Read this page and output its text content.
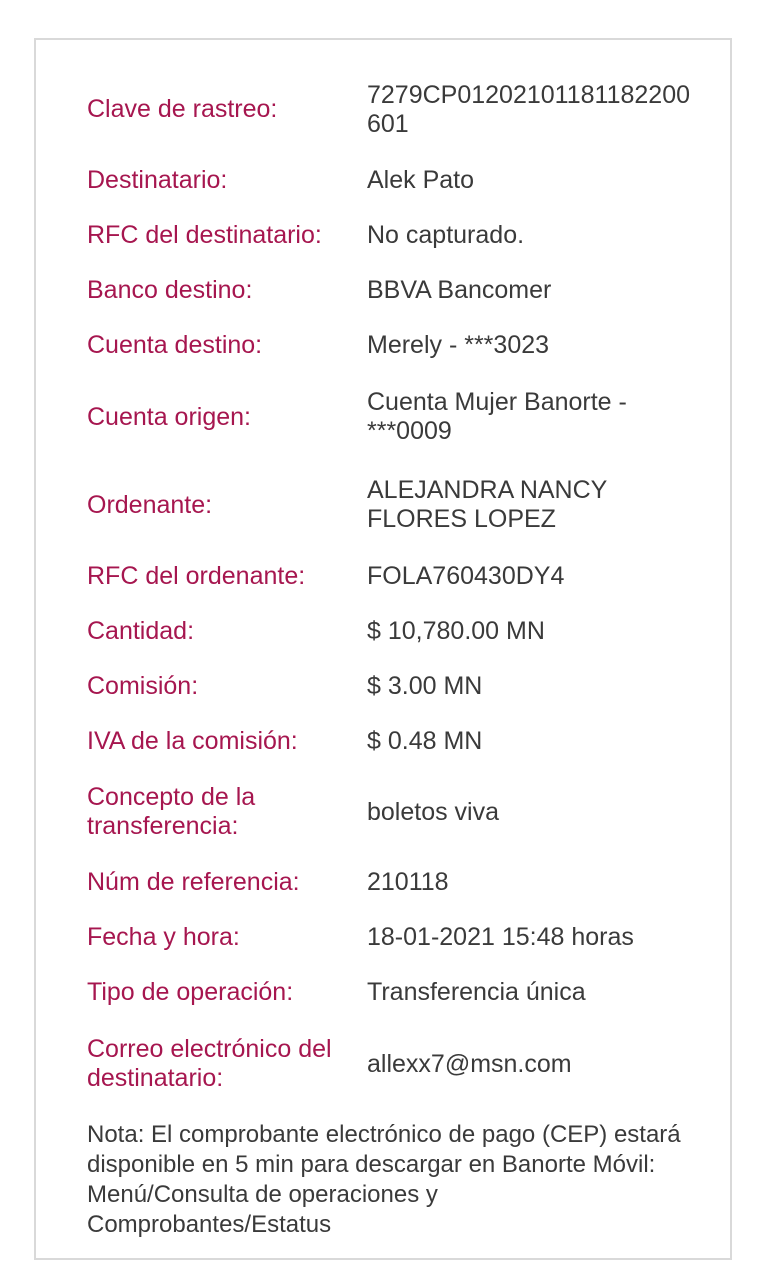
Clave de rastreo:
7279CP01202101181182200601
Destinatario:	Alek Pato
RFC del destinatario:	No capturado.
Banco destino:	BBVA Bancomer
Cuenta destino:	Merely - ***3023
Cuenta origen:
Cuenta Mujer Banorte - ***0009
Ordenante:
ALEJANDRA NANCY FLORES LOPEZ
RFC del ordenante:	FOLA760430DY4
Cantidad:	$ 10,780.00 MN
Comisión:	$ 3.00 MN
IVA de la comisión:	$ 0.48 MN
Concepto de la transferencia:
boletos viva
Núm de referencia:	210118
Fecha y hora:	18-01-2021 15:48 horas
Tipo de operación:	Transferencia única
Correo electrónico del destinatario:
allexx7@msn.com
Nota: El comprobante electrónico de pago (CEP) estará disponible en 5 min para descargar en Banorte Móvil: Menú/Consulta de operaciones y Comprobantes/Estatus
